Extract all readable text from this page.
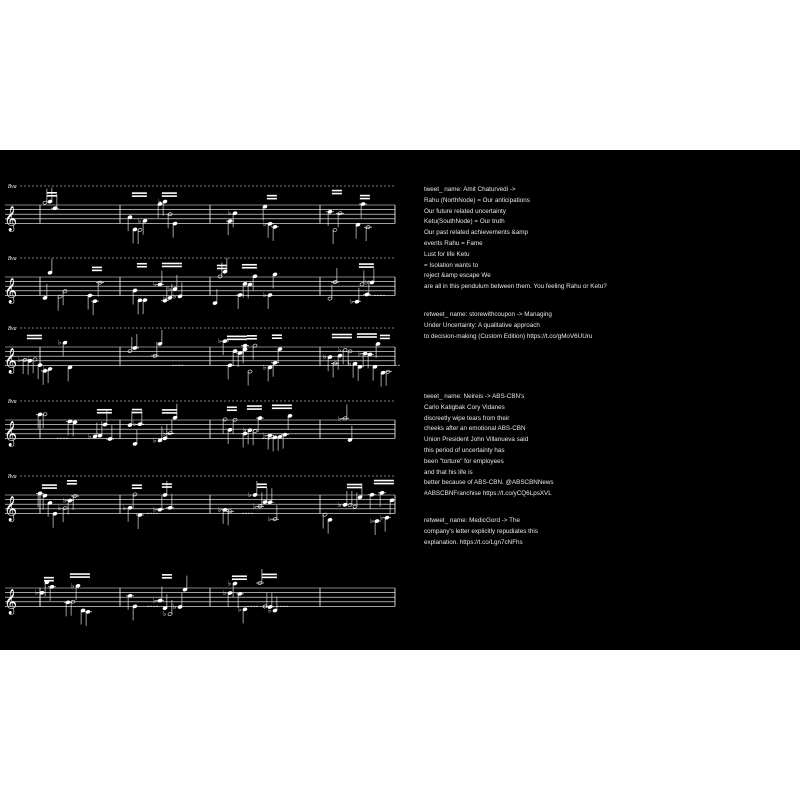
8va
𝄞	♭
♭
♭
♭
8va
𝄞	♭
♭
♭
♭
♭	♭
♭
♭
8va
𝄞 ♭ ♭
♭
♭	♭
♭
♭
♭
♭
♭
8va
𝄞	♭
♭
♭
♭	♭
♭ ♭
♭
8va
𝄞	♭
♭
♭	♭	♭
♭
♭
♭
♭
♭
♭ ♭
𝄞	♭
♭
♭
♭
♭
♭
♭
♭	♭
tweet_ name: Amit Chaturvedi ->
Rahu (NorthNode) = Our anticipations
Our future related uncertainty
Ketu(SouthNode) = Our truth
Our past related achievements &amp
events Rahu = Fame
Lust for life Ketu
= Isolation wants to
reject &amp escape We
are all in this pendulum between them. You feeling Rahu or Ketu?
retweet_ name: storewithcoupon -> Managing
Under Uncertainty: A qualitative approach
to decision-making (Custom Edition) https://t.co/gMoV6UUru
tweet_ name: Neireis -> ABS-CBN's
Carlo Katigbak Cory Vidanes
discreetly wipe tears from their
cheeks after an emotional ABS-CBN
Union President John Villanueva said
this period of uncertainty has
been "torture" for employees
and that his life is
better because of ABS-CBN. @ABSCBNNews
#ABSCBNFranchise https://t.co/yCQ6LpsXVL
retweet_ name: MedicGord -> The
company's letter explicitly repudiates this
explanation. https://t.co/Lgn7cNFhs
